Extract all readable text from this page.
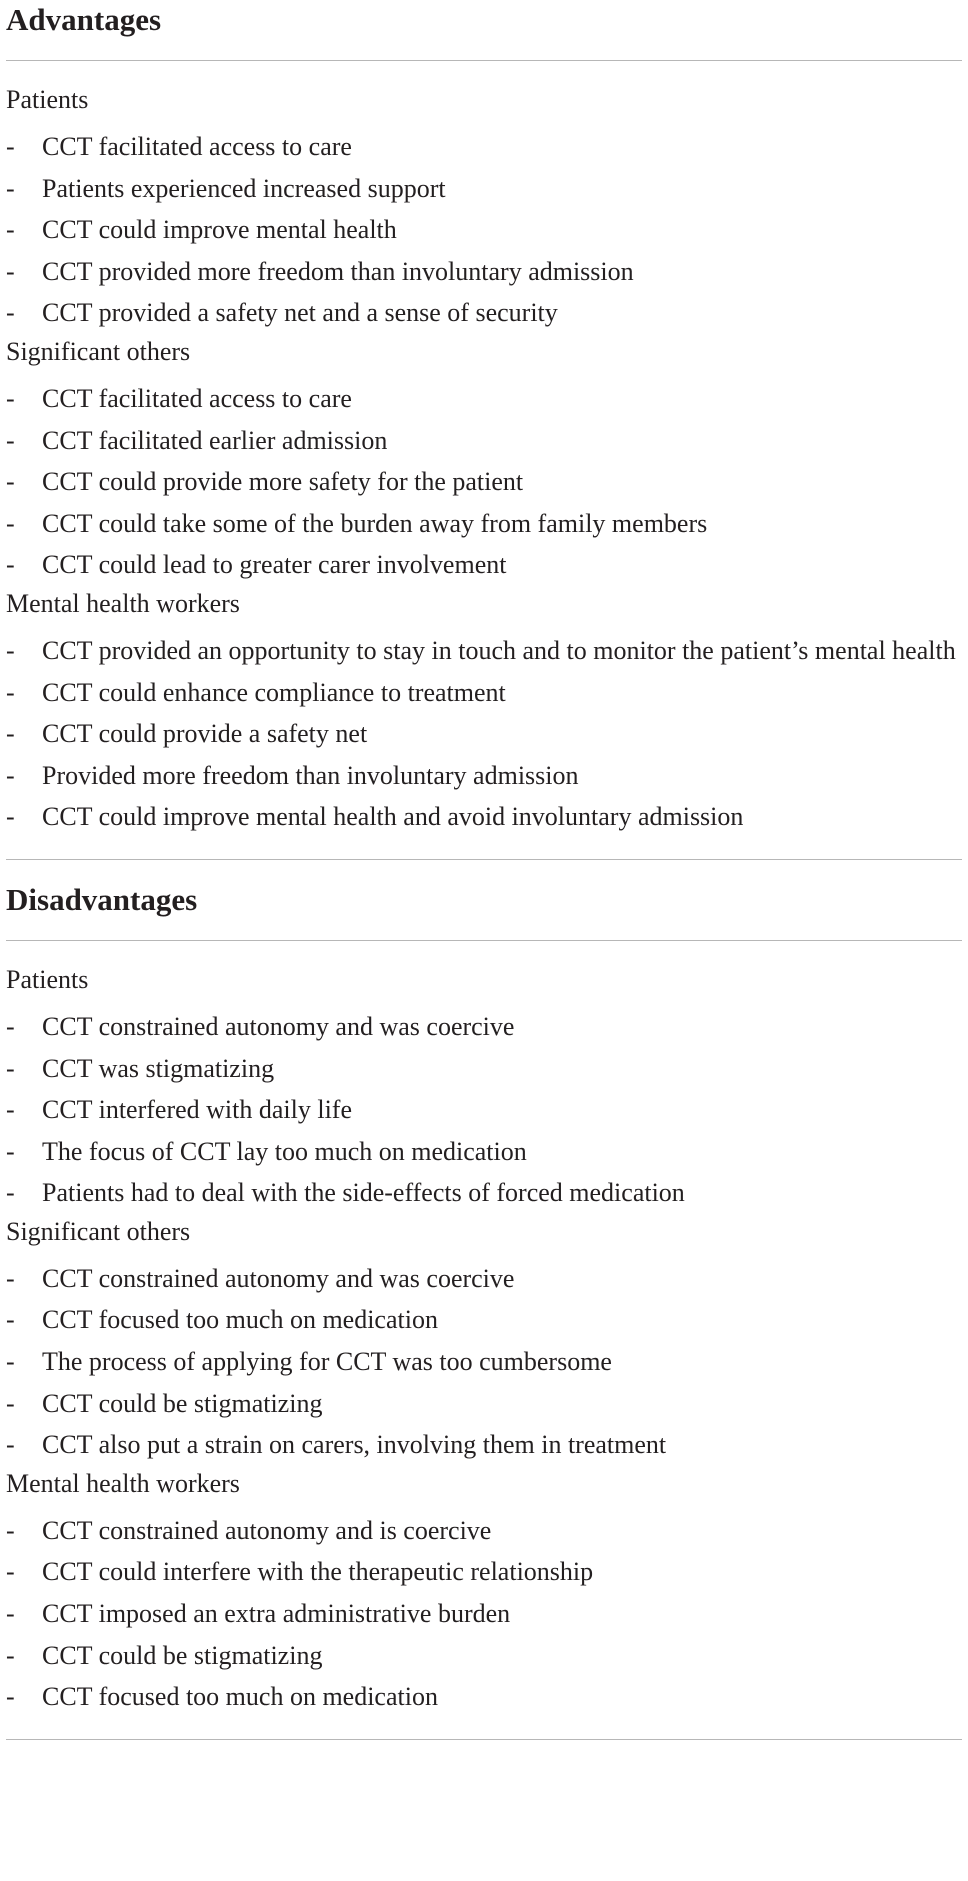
Advantages
Patients
- CCT facilitated access to care
- Patients experienced increased support
- CCT could improve mental health
- CCT provided more freedom than involuntary admission
- CCT provided a safety net and a sense of security
Significant others
- CCT facilitated access to care
- CCT facilitated earlier admission
- CCT could provide more safety for the patient
- CCT could take some of the burden away from family members
- CCT could lead to greater carer involvement
Mental health workers
- CCT provided an opportunity to stay in touch and to monitor the patient’s mental health
- CCT could enhance compliance to treatment
- CCT could provide a safety net
- Provided more freedom than involuntary admission
- CCT could improve mental health and avoid involuntary admission
Disadvantages
Patients
- CCT constrained autonomy and was coercive
- CCT was stigmatizing
- CCT interfered with daily life
- The focus of CCT lay too much on medication
- Patients had to deal with the side-effects of forced medication
Significant others
- CCT constrained autonomy and was coercive
- CCT focused too much on medication
- The process of applying for CCT was too cumbersome
- CCT could be stigmatizing
- CCT also put a strain on carers, involving them in treatment
Mental health workers
- CCT constrained autonomy and is coercive
- CCT could interfere with the therapeutic relationship
- CCT imposed an extra administrative burden
- CCT could be stigmatizing
- CCT focused too much on medication
